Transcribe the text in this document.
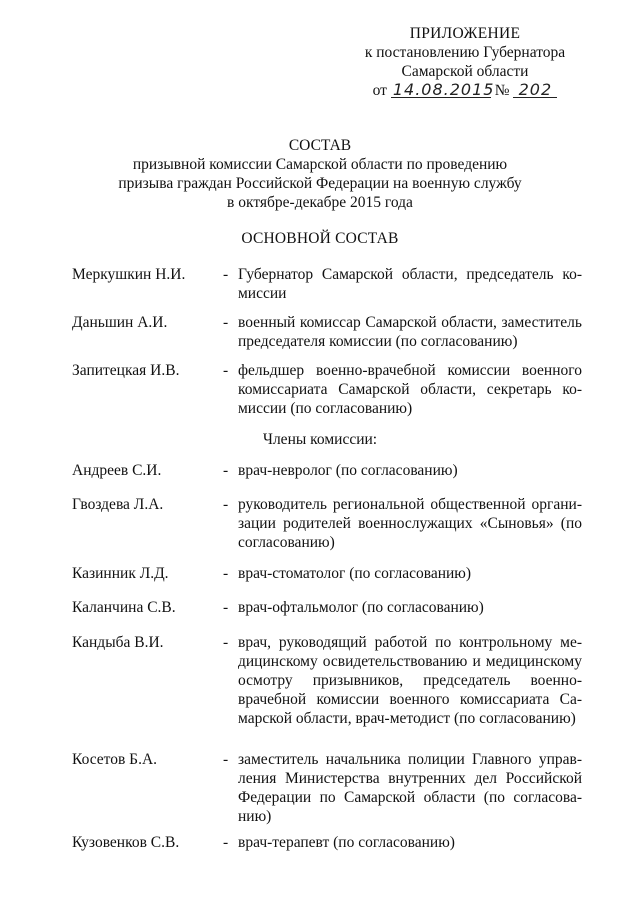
ПРИЛОЖЕНИЕ
к постановлению Губернатора
Самарской области
от 14.08.2015 № 202
СОСТАВ
призывной комиссии Самарской области по проведению
призыва граждан Российской Федерации на военную службу
в октябре-декабре 2015 года
ОСНОВНОЙ СОСТАВ
Меркушкин Н.И.	- Губернатор Самарской области, председатель комиссии
Даньшин А.И.	- военный комиссар Самарской области, заместитель председателя комиссии (по согласованию)
Запитецкая И.В.	- фельдшер военно-врачебной комиссии военного комиссариата Самарской области, секретарь комиссии (по согласованию)
Члены комиссии:
Андреев С.И.	- врач-невролог (по согласованию)
Гвоздева Л.А.	- руководитель региональной общественной организации родителей военнослужащих «Сыновья» (по согласованию)
Казинник Л.Д.	- врач-стоматолог (по согласованию)
Каланчина С.В.	- врач-офтальмолог (по согласованию)
Кандыба В.И.	- врач, руководящий работой по контрольному медицинскому освидетельствованию и медицинскому осмотру призывников, председатель военно-врачебной комиссии военного комиссариата Самарской области, врач-методист (по согласованию)
Косетов Б.А.	- заместитель начальника полиции Главного управления Министерства внутренних дел Российской Федерации по Самарской области (по согласованию)
Кузовенков С.В.	- врач-терапевт (по согласованию)
